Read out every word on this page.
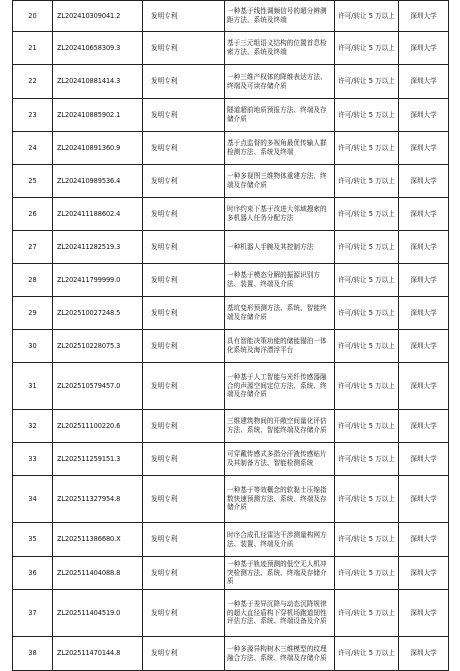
20	ZL202410309041.2	发明专利	一种基于线性调频信号的超分辨测距方法、系统及终端	许可/转让 5 万以上	深圳大学
21	ZL202410658309.3	发明专利	基于三元组语义结构的位置首息检索方法、系统及终端	许可/转让 5 万以上	深圳大学
22	ZL202410881414.3	发明专利	一种三维产权体的降维表达方法、终端及可读存储介质	许可/转让 5 万以上	深圳大学
23	ZL202410885902.1	发明专利	隧道超前地质预报方法、终端及存储介质	许可/转让 5 万以上	深圳大学
24	ZL202410891360.9	发明专利	基于点监督的多视角最优传输人群检测方法、系统及终端	许可/转让 5 万以上	深圳大学
25	ZL202410989536.4	发明专利	一种多视图三维物体重建方法、终端及存储介质	许可/转让 5 万以上	深圳大学
26	ZL202411188602.4	发明专利	时序约束下基于改进大邻域搜索的多机器人任务分配方法	许可/转让 5 万以上	深圳大学
27	ZL202411282519.3	发明专利	一种机器人手腕及其控制方法	许可/转让 5 万以上	深圳大学
28	ZL202411799999.0	发明专利	一种基于模态分解的振源识别方法、装置、终端及介质	许可/转让 5 万以上	深圳大学
29	ZL202510027248.5	发明专利	基坑变形预测方法、系统、智能终端及存储介质	许可/转让 5 万以上	深圳大学
30	ZL202510228075.3	发明专利	具有智能决策功能的储能锚泊一体化系统及海洋漂浮平台	许可/转让 5 万以上	深圳大学
31	ZL202510579457.0	发明专利	一种基于人工智能与光纤传感器融合的声源空间定位方法、系统、终端及存储介质	许可/转让 5 万以上	深圳大学
32	ZL202511100220.6	发明专利	三维建筑物间的开敞空间量化评估方法、系统、智能终端及存储介质	许可/转让 5 万以上	深圳大学
33	ZL202511259151.3	发明专利	可穿戴传感式多指分汗液传感贴片及其制备方法、智能检测系统	许可/转让 5 万以上	深圳大学
34	ZL202511327954.8	发明专利	一种基于等效概念的软黏土压缩指数快速预测方法、系统、终端及存储介质	许可/转让 5 万以上	深圳大学
35	ZL202511386680.X	发明专利	时序合成孔径雷达干涉测量构网方法、装置、终端及介质	许可/转让 5 万以上	深圳大学
36	ZL202511404088.8	发明专利	一种基于轨迹预测的低空无人机冲突检测方法、系统、终端及存储介质	许可/转让 5 万以上	深圳大学
37	ZL202511404519.0	发明专利	一种基于差异沉降与动态沉降规律的超大直径盾构下穿机场跑道韧性评估方法、系统、终端设备及介质	许可/转让 5 万以上	深圳大学
38	ZL202511470144.8	发明专利	一种多源异构树木三维模型的纹理融合方法、系统、终端及存储介质	许可/转让 5 万以上	深圳大学
